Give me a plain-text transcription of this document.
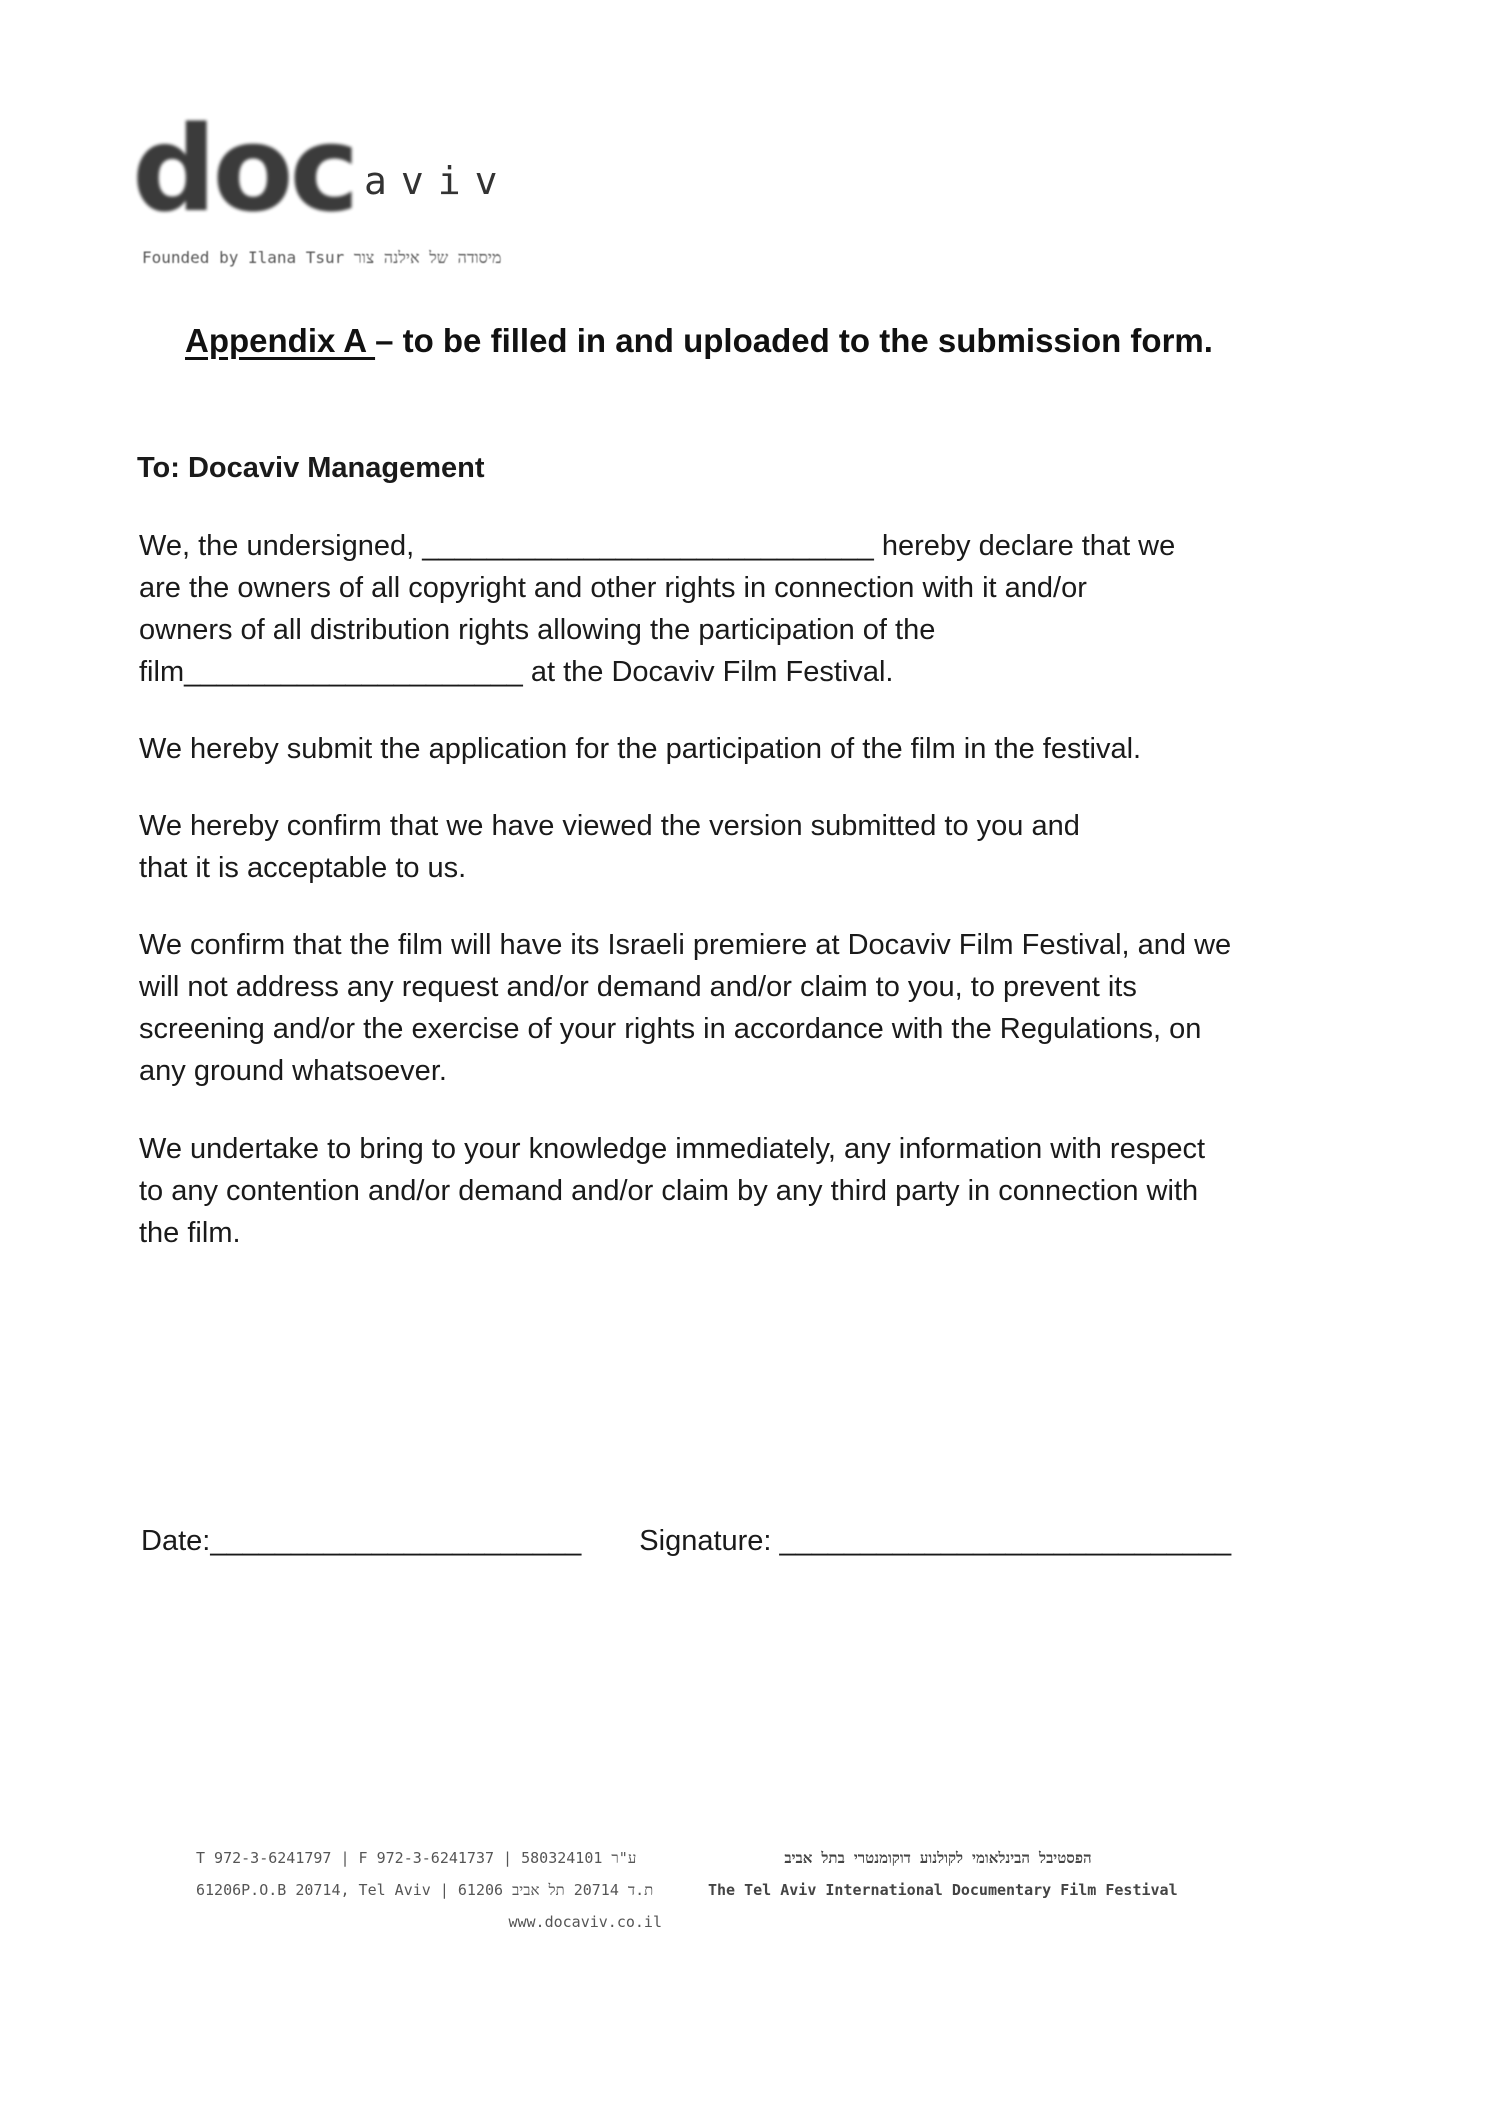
doc aviv
Founded by Ilana Tsur מיסודה של אילנה צור
Appendix A – to be filled in and uploaded to the submission form.
To: Docaviv Management
We, the undersigned, ____________________________ hereby declare that we
are the owners of all copyright and other rights in connection with it and/or
owners of all distribution rights allowing the participation of the
film_____________________ at the Docaviv Film Festival.
We hereby submit the application for the participation of the film in the festival.
We hereby confirm that we have viewed the version submitted to you and
that it is acceptable to us.
We confirm that the film will have its Israeli premiere at Docaviv Film Festival, and we
will not address any request and/or demand and/or claim to you, to prevent its
screening and/or the exercise of your rights in accordance with the Regulations, on
any ground whatsoever.
We undertake to bring to your knowledge immediately, any information with respect
to any contention and/or demand and/or claim by any third party in connection with
the film.
Date:_______________________ Signature: ____________________________
T 972-3-6241797 | F 972-3-6241737 | 580324101 ע"ר
61206P.O.B 20714, Tel Aviv | 61206 ת.ד 20714 תל אביב
www.docaviv.co.il
הפסטיבל הבינלאומי לקולנוע דוקומנטרי בתל אביב
The Tel Aviv International Documentary Film Festival
